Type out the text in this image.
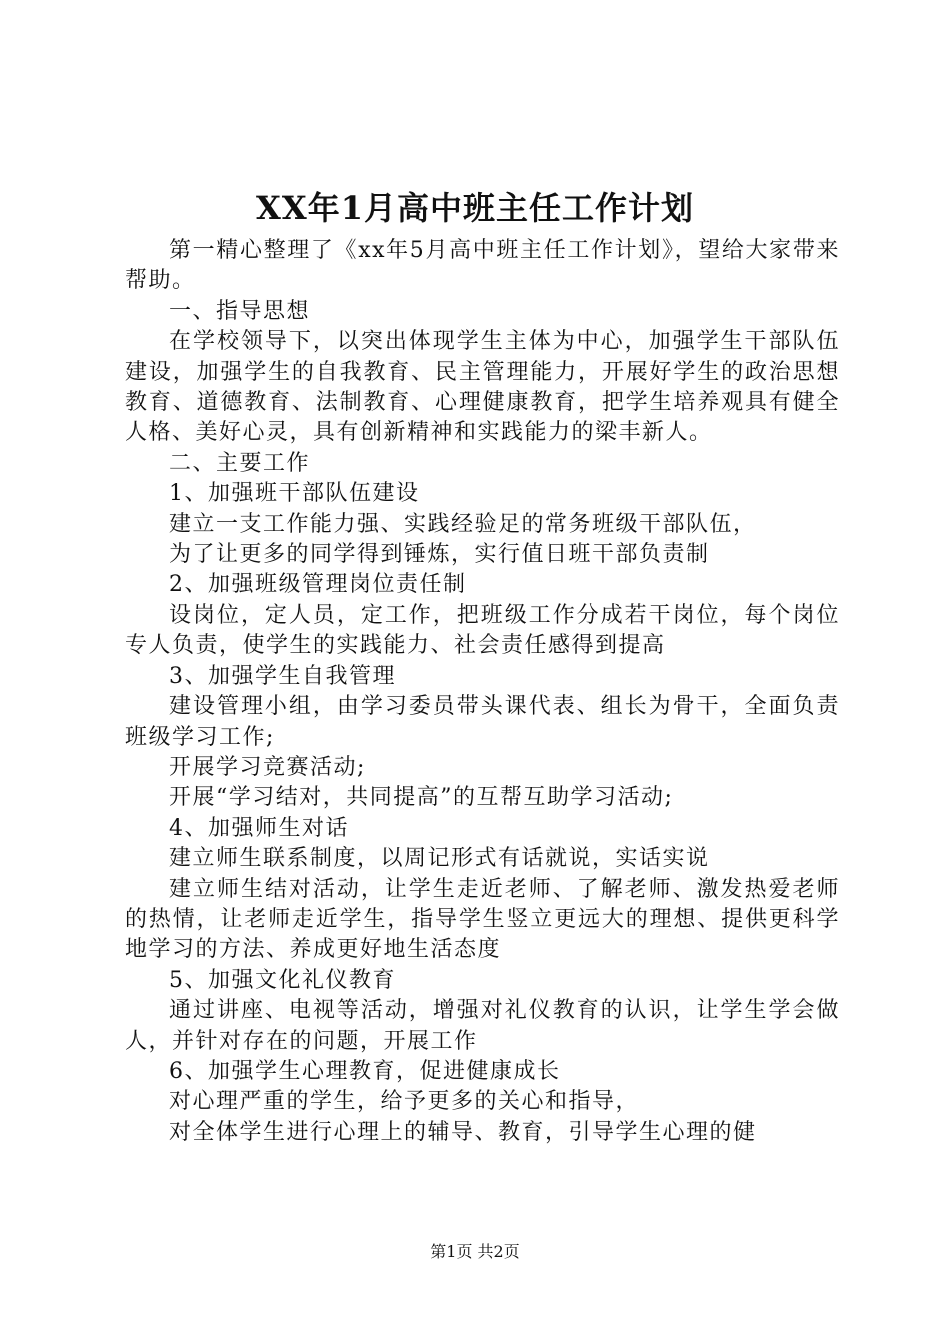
XX年1月高中班主任工作计划

第一精心整理了《xx年5月高中班主任工作计划》，望给大家带来帮助。

一、指导思想

在学校领导下，以突出体现学生主体为中心，加强学生干部队伍建设，加强学生的自我教育、民主管理能力，开展好学生的政治思想教育、道德教育、法制教育、心理健康教育，把学生培养观具有健全人格、美好心灵，具有创新精神和实践能力的梁丰新人。

二、主要工作

1、加强班干部队伍建设

建立一支工作能力强、实践经验足的常务班级干部队伍，

为了让更多的同学得到锤炼，实行值日班干部负责制

2、加强班级管理岗位责任制

设岗位，定人员，定工作，把班级工作分成若干岗位，每个岗位专人负责，使学生的实践能力、社会责任感得到提高

3、加强学生自我管理

建设管理小组，由学习委员带头课代表、组长为骨干，全面负责班级学习工作;

开展学习竞赛活动;

开展“学习结对，共同提高”的互帮互助学习活动;

4、加强师生对话

建立师生联系制度，以周记形式有话就说，实话实说

建立师生结对活动，让学生走近老师、了解老师、激发热爱老师的热情，让老师走近学生，指导学生竖立更远大的理想、提供更科学地学习的方法、养成更好地生活态度

5、加强文化礼仪教育

通过讲座、电视等活动，增强对礼仪教育的认识，让学生学会做人，并针对存在的问题，开展工作

6、加强学生心理教育，促进健康成长

对心理严重的学生，给予更多的关心和指导，

对全体学生进行心理上的辅导、教育，引导学生心理的健

第1页 共2页
